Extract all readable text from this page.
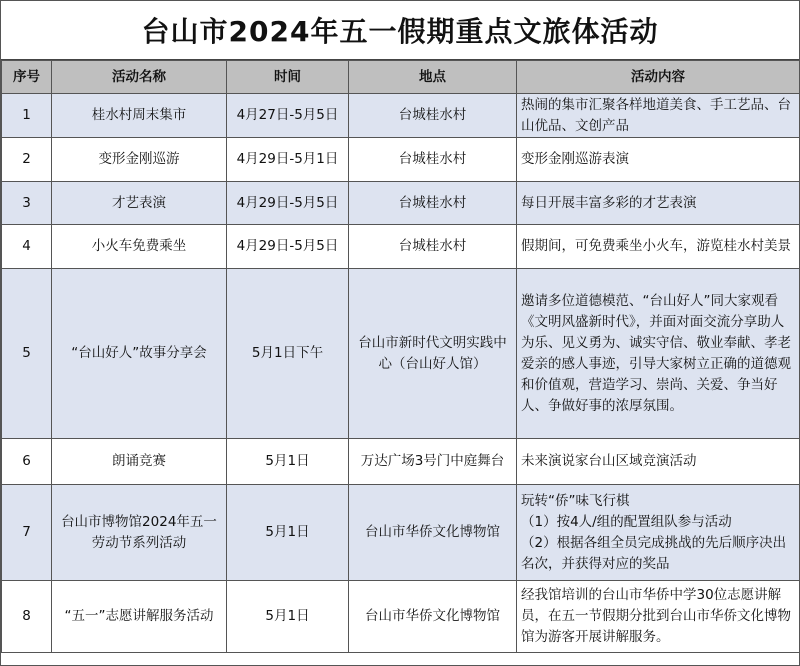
台山市2024年五一假期重点文旅体活动
序号	活动名称	时间	地点	活动内容
1	桂水村周末集市	4月27日-5月5日	台城桂水村	热闹的集市汇聚各样地道美食、手工艺品、台山优品、文创产品
2	变形金刚巡游	4月29日-5月1日	台城桂水村	变形金刚巡游表演
3	才艺表演	4月29日-5月5日	台城桂水村	每日开展丰富多彩的才艺表演
4	小火车免费乘坐	4月29日-5月5日	台城桂水村	假期间，可免费乘坐小火车，游览桂水村美景
5	“台山好人”故事分享会	5月1日下午	台山市新时代文明实践中心（台山好人馆）	邀请多位道德模范、“台山好人”同大家观看《文明风盛新时代》，并面对面交流分享助人为乐、见义勇为、诚实守信、敬业奉献、孝老爱亲的感人事迹，引导大家树立正确的道德观和价值观，营造学习、崇尚、关爱、争当好人、争做好事的浓厚氛围。
6	朗诵竞赛	5月1日	万达广场3号门中庭舞台	未来演说家台山区域竞演活动
7	台山市博物馆2024年五一劳动节系列活动	5月1日	台山市华侨文化博物馆	玩转“侨”味飞行棋
（1）按4人/组的配置组队参与活动
（2）根据各组全员完成挑战的先后顺序决出名次，并获得对应的奖品
8	“五一”志愿讲解服务活动	5月1日	台山市华侨文化博物馆	经我馆培训的台山市华侨中学30位志愿讲解员，在五一节假期分批到台山市华侨文化博物馆为游客开展讲解服务。
